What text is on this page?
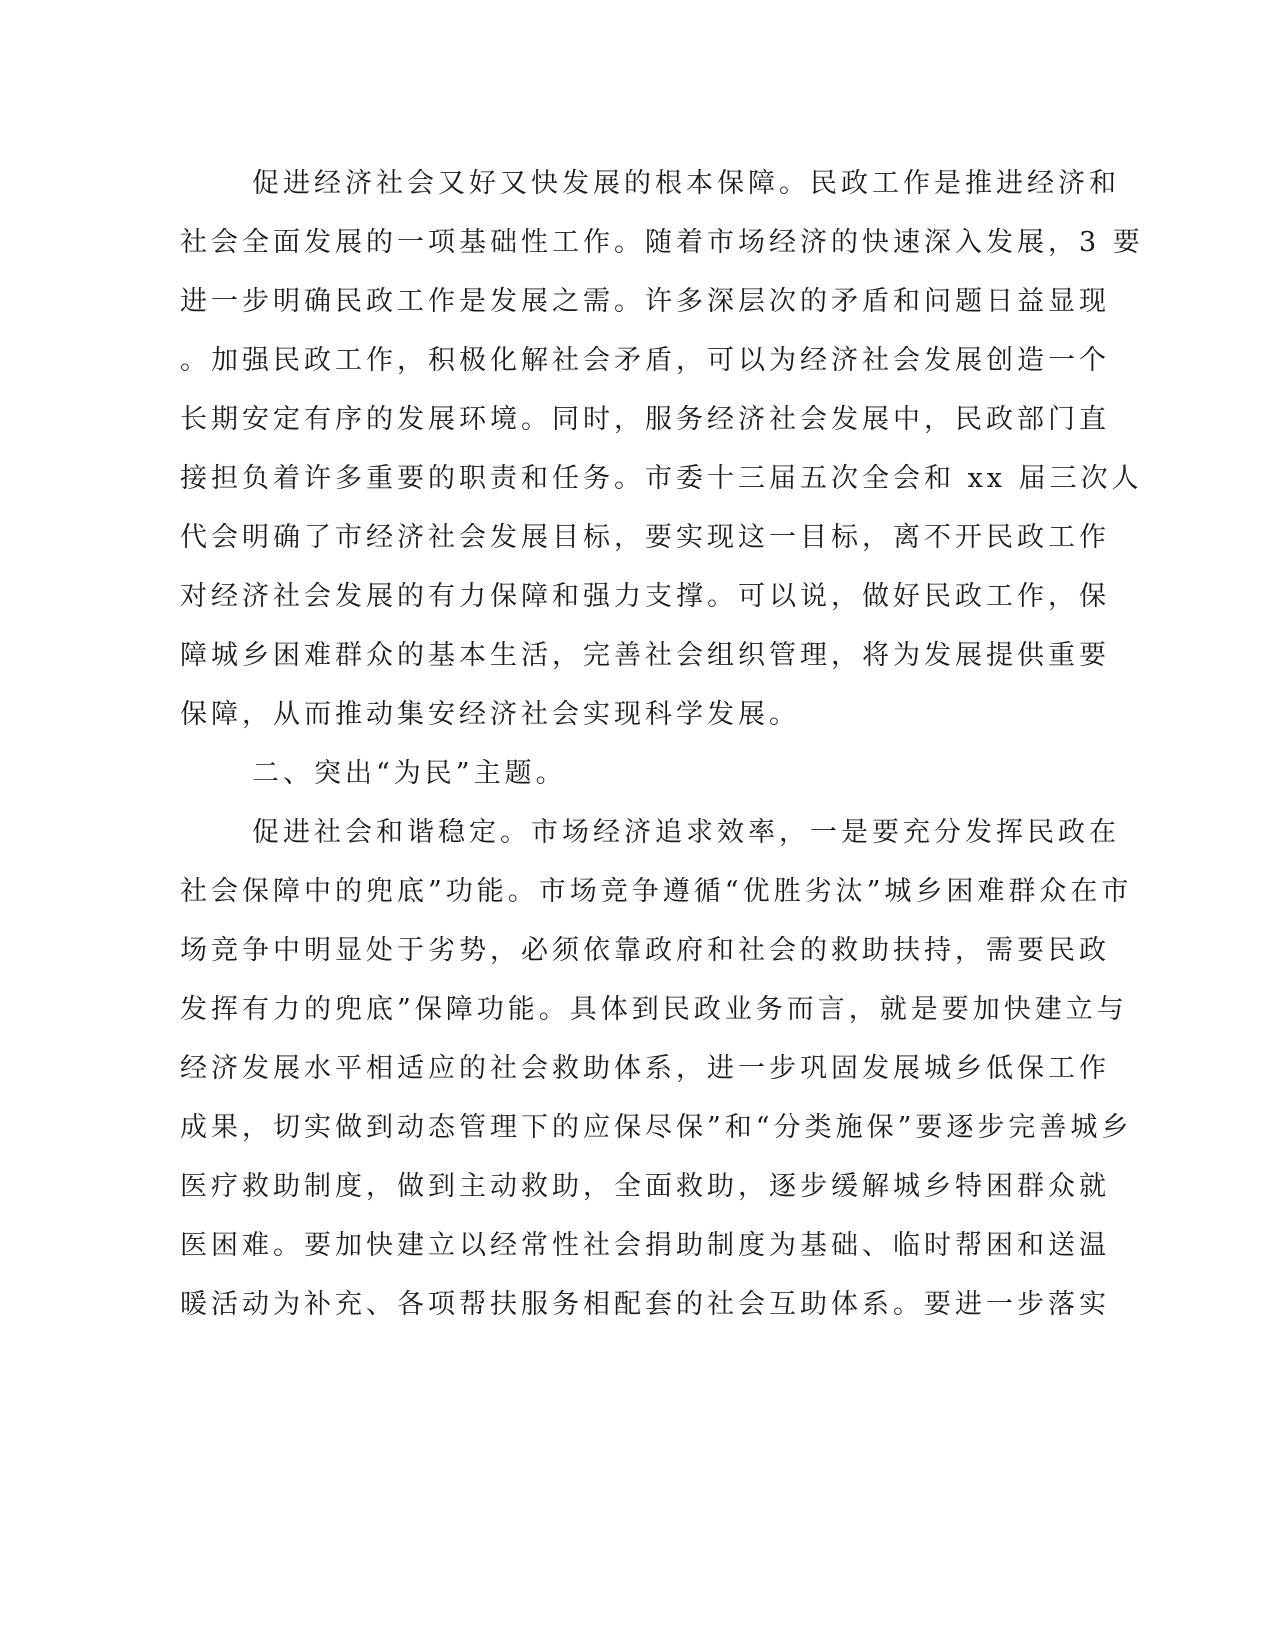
促进经济社会又好又快发展的根本保障。民政工作是推进经济和
社会全面发展的一项基础性工作。随着市场经济的快速深入发展，3 要
进一步明确民政工作是发展之需。许多深层次的矛盾和问题日益显现
。加强民政工作，积极化解社会矛盾，可以为经济社会发展创造一个
长期安定有序的发展环境。同时，服务经济社会发展中，民政部门直
接担负着许多重要的职责和任务。市委十三届五次全会和 xx 届三次人
代会明确了市经济社会发展目标，要实现这一目标，离不开民政工作
对经济社会发展的有力保障和强力支撑。可以说，做好民政工作，保
障城乡困难群众的基本生活，完善社会组织管理，将为发展提供重要
保障，从而推动集安经济社会实现科学发展。
二、突出“为民”主题。
促进社会和谐稳定。市场经济追求效率，一是要充分发挥民政在
社会保障中的兜底”功能。市场竞争遵循“优胜劣汰”城乡困难群众在市
场竞争中明显处于劣势，必须依靠政府和社会的救助扶持，需要民政
发挥有力的兜底”保障功能。具体到民政业务而言，就是要加快建立与
经济发展水平相适应的社会救助体系，进一步巩固发展城乡低保工作
成果，切实做到动态管理下的应保尽保”和“分类施保”要逐步完善城乡
医疗救助制度，做到主动救助，全面救助，逐步缓解城乡特困群众就
医困难。要加快建立以经常性社会捐助制度为基础、临时帮困和送温
暖活动为补充、各项帮扶服务相配套的社会互助体系。要进一步落实
